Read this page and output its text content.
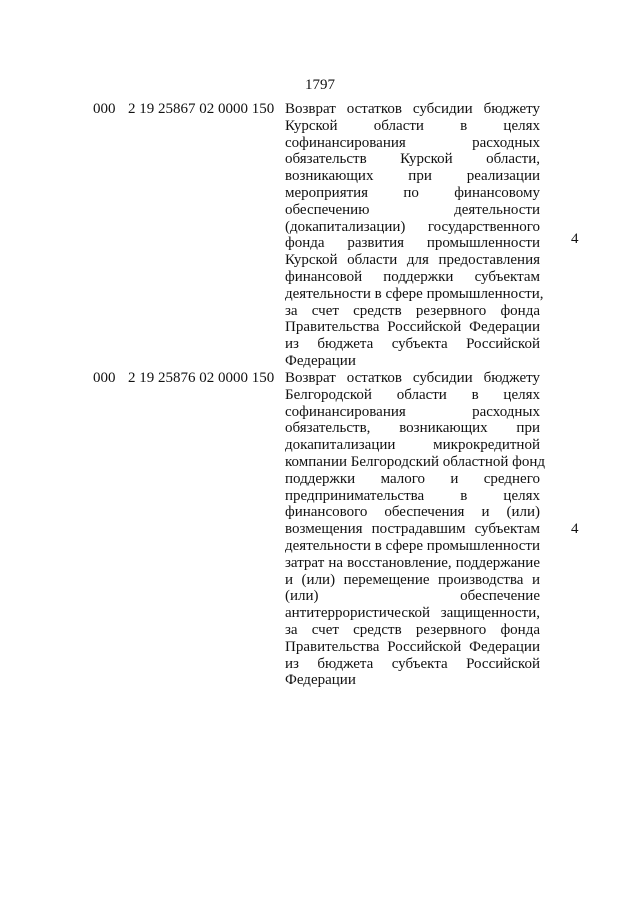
1797
000 2 19 25867 02 0000 150 Возврат остатков субсидии бюджету
Курской области в целях
софинансирования расходных
обязательств Курской области,
возникающих при реализации
мероприятия по финансовому
обеспечению деятельности
(докапитализации) государственного
фонда развития промышленности
Курской области для предоставления
финансовой поддержки субъектам
деятельности в сфере промышленности,
за счет средств резервного фонда
Правительства Российской Федерации
из бюджета субъекта Российской
Федерации
4
000 2 19 25876 02 0000 150 Возврат остатков субсидии бюджету
Белгородской области в целях
софинансирования расходных
обязательств, возникающих при
докапитализации микрокредитной
компании Белгородский областной фонд
поддержки малого и среднего
предпринимательства в целях
финансового обеспечения и (или)
возмещения пострадавшим субъектам
деятельности в сфере промышленности
затрат на восстановление, поддержание
и (или) перемещение производства и
(или) обеспечение
антитеррористической защищенности,
за счет средств резервного фонда
Правительства Российской Федерации
из бюджета субъекта Российской
Федерации
4
